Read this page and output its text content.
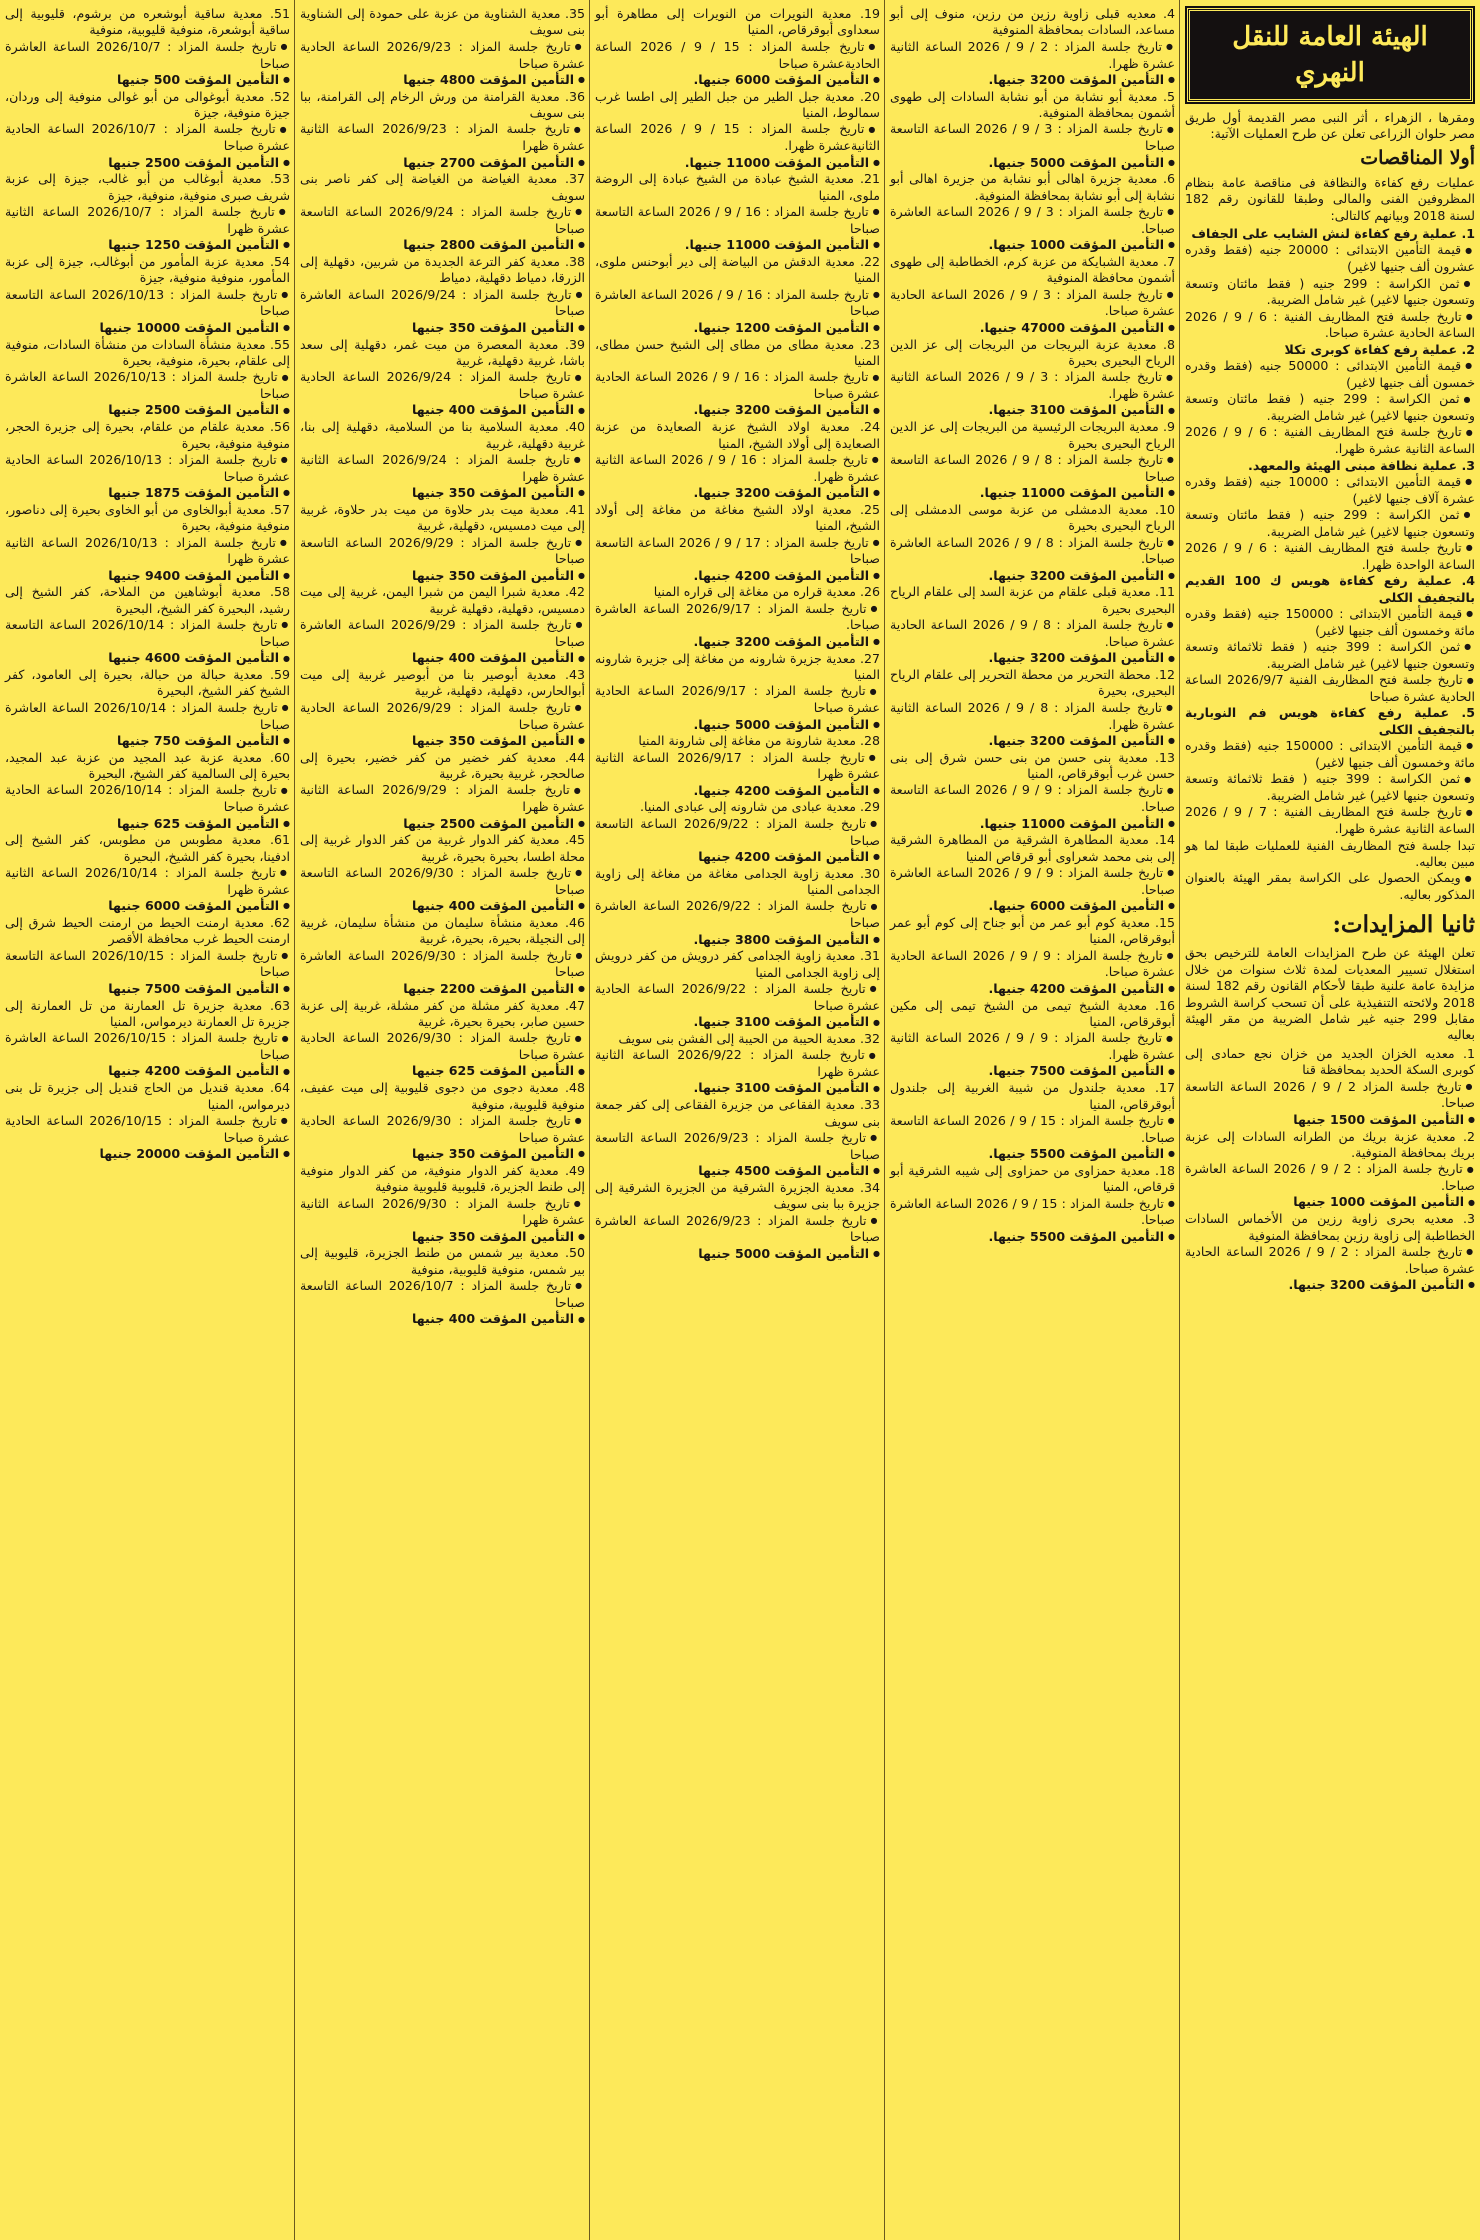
الهيئة العامة للنقل النهري
ومقرها ، الزهراء ، أثر النبى مصر القديمة أول طريق مصر حلوان الزراعى تعلن عن طرح العمليات الآتية:
أولا المناقصات
عمليات رفع كفاءة والنظافة فى مناقصة عامة بنظام المظروفين الفنى والمالى وطبقا للقانون رقم 182 لسنة 2018 وبيانهم كالتالى:

1. عملية رفع كفاءة لنش الشايب على الجفاف

● قيمة التأمين الابتدائى : 20000 جنيه (فقط وقدره عشرون ألف جنيها لاغير)

● ثمن الكراسة : 299 جنيه ( فقط مائتان وتسعة وتسعون جنيها لاغير) غير شامل الضريبة.

● تاريخ جلسة فتح المظاريف الفنية : 6 / 9 / 2026 الساعة الحادية عشرة صباحا.

2. عملية رفع كفاءة كوبرى تكلا

● قيمة التأمين الابتدائى : 50000 جنيه (فقط وقدره خمسون ألف جنيها لاغير)

● ثمن الكراسة : 299 جنيه ( فقط مائتان وتسعة وتسعون جنيها لاغير) غير شامل الضريبة.

● تاريخ جلسة فتح المظاريف الفنية : 6 / 9 / 2026 الساعة الثانية عشرة ظهرا.

3. عملية نظافة مبنى الهيئة والمعهد.

● قيمة التأمين الابتدائى : 10000 جنيه (فقط وقدره عشرة آلاف جنيها لاغير)

● ثمن الكراسة : 299 جنيه ( فقط مائتان وتسعة وتسعون جنيها لاغير) غير شامل الضريبة.

● تاريخ جلسة فتح المظاريف الفنية : 6 / 9 / 2026 الساعة الواحدة ظهرا.

4. عملية رفع كفاءة هويس ك 100 القديم بالتجفيف الكلى

● قيمة التأمين الابتدائى : 150000 جنيه (فقط وقدره مائة وخمسون ألف جنيها لاغير)

● ثمن الكراسة : 399 جنيه ( فقط ثلاثمائة وتسعة وتسعون جنيها لاغير) غير شامل الضريبة.

● تاريخ جلسة فتح المظاريف الفنية 2026/9/7 الساعة الحادية عشرة صباحا

5. عملية رفع كفاءة هويس فم النوبارية بالتجفيف الكلى

● قيمة التأمين الابتدائى : 150000 جنيه (فقط وقدره مائة وخمسون ألف جنيها لاغير)

● ثمن الكراسة : 399 جنيه ( فقط ثلاثمائة وتسعة وتسعون جنيها لاغير) غير شامل الضريبة.

● تاريخ جلسة فتح المظاريف الفنية : 7 / 9 / 2026 الساعة الثانية عشرة ظهرا.

تبدا جلسة فتح المظاريف الفنية للعمليات طبقا لما هو مبين بعاليه.

● ويمكن الحصول على الكراسة بمقر الهيئة بالعنوان المذكور بعاليه.

ثانيا المزايدات:
تعلن الهيئة عن طرح المزايدات العامة للترخيص بحق استغلال تسيير المعديات لمدة ثلاث سنوات من خلال مزايدة عامة علنية طبقا لأحكام القانون رقم 182 لسنة 2018 ولائحته التنفيذية على أن تسحب كراسة الشروط مقابل 299 جنيه غير شامل الضريبة من مقر الهيئة بعاليه

1. معديه الخزان الجديد من خزان نجع حمادى إلى كوبرى السكة الحديد بمحافظة قنا

● تاريخ جلسة المزاد 2 / 9 / 2026 الساعة التاسعة صباحا.

● التأمين المؤقت 1500 جنيها

2. معدية عزبة بريك من الطرانه السادات إلى عزبة بريك بمحافظة المنوفية.

● تاريخ جلسة المزاد : 2 / 9 / 2026 الساعة العاشرة صباحا.

● التأمين المؤقت 1000 جنيها

3. معديه بحرى زاوية رزين من الأخماس السادات الخطاطبة إلى زاوية رزين بمحافظة المنوفية

● تاريخ جلسة المزاد : 2 / 9 / 2026 الساعة الحادية عشرة صباحا.

● التأمين المؤقت 3200 جنيها.

4. معديه قبلى زاوية رزين من رزين، منوف إلى أبو مساعد، السادات بمحافظة المنوفية

● تاريخ جلسة المزاد : 2 / 9 / 2026 الساعة الثانية عشرة ظهرا.

● التأمين المؤقت 3200 جنيها.

5. معدية أبو نشابة من أبو نشابة السادات إلى طهوى أشمون بمحافظة المنوفية.

● تاريخ جلسة المزاد : 3 / 9 / 2026 الساعة التاسعة صباحا

● التأمين المؤقت 5000 جنيها.

6. معدية جزيرة اهالى أبو نشابة من جزيرة اهالى أبو نشابة إلى أبو نشابة بمحافظة المنوفية.

● تاريخ جلسة المزاد : 3 / 9 / 2026 الساعة العاشرة صباحا.

● التأمين المؤقت 1000 جنيها.

7. معدية الشبايكة من عزبة كرم، الخطاطبة إلى طهوى أشمون محافظة المنوفية

● تاريخ جلسة المزاد : 3 / 9 / 2026 الساعة الحادية عشرة صباحا.

● التأمين المؤقت 47000 جنيها.

8. معدية عزبة البريجات من البريجات إلى عز الدين الرياح البحيرى بحيرة

● تاريخ جلسة المزاد : 3 / 9 / 2026 الساعة الثانية عشرة ظهرا.

● التأمين المؤقت 3100 جنيها.

9. معدية البريجات الرئيسية من البريجات إلى عز الدين الرياح البحيرى بحيرة

● تاريخ جلسة المزاد : 8 / 9 / 2026 الساعة التاسعة صباحا

● التأمين المؤقت 11000 جنيها.

10. معدية الدمشلى من عزبة موسى الدمشلى إلى الرياح البحيرى بحيرة

● تاريخ جلسة المزاد : 8 / 9 / 2026 الساعة العاشرة صباحا.

● التأمين المؤقت 3200 جنيها.

11. معدية قبلى علقام من عزبة السد إلى علقام الرياح البحيرى بحيرة

● تاريخ جلسة المزاد : 8 / 9 / 2026 الساعة الحادية عشرة صباحا.

● التأمين المؤقت 3200 جنيها.

12. محطة التحرير من محطة التحرير إلى علقام الرياح البحيرى، بحيرة

● تاريخ جلسة المزاد : 8 / 9 / 2026 الساعة الثانية عشرة ظهرا.

● التأمين المؤقت 3200 جنيها.

13. معدية بنى حسن من بنى حسن شرق إلى بنى حسن غرب أبوقرقاص، المنيا

● تاريخ جلسة المزاد : 9 / 9 / 2026 الساعة التاسعة صباحا.

● التأمين المؤقت 11000 جنيها.

14. معدية المطاهرة الشرقية من المطاهرة الشرقية إلى بنى محمد شعراوى أبو قرقاص المنيا

● تاريخ جلسة المزاد : 9 / 9 / 2026 الساعة العاشرة صباحا.

● التأمين المؤقت 6000 جنيها.

15. معدية كوم أبو عمر من أبو جناح إلى كوم أبو عمر أبوقرقاص، المنيا

● تاريخ جلسة المزاد : 9 / 9 / 2026 الساعة الحادية عشرة صباحا.

● التأمين المؤقت 4200 جنيها.

16. معدية الشيخ تيمى من الشيخ تيمى إلى مكين أبوقرقاص، المنيا

● تاريخ جلسة المزاد : 9 / 9 / 2026 الساعة الثانية عشرة ظهرا.

● التأمين المؤقت 7500 جنيها.

17. معدية جلندول من شيبة الغربية إلى جلندول أبوقرقاص، المنيا

● تاريخ جلسة المزاد : 15 / 9 / 2026 الساعة التاسعة صباحا.

● التأمين المؤقت 5500 جنيها.

18. معدية حمزاوى من حمزاوى إلى شيبه الشرقية أبو قرقاص، المنيا

● تاريخ جلسة المزاد : 15 / 9 / 2026 الساعة العاشرة صباحا.

● التأمين المؤقت 5500 جنيها.

19. معدية النويرات من النويرات إلى مطاهرة أبو سعداوى أبوقرقاص، المنيا

● تاريخ جلسة المزاد : 15 / 9 / 2026 الساعة الحاديةعشرة صباحا

● التأمين المؤقت 6000 جنيها.

20. معدية جبل الطير من جبل الطير إلى اطسا غرب سمالوط، المنيا

● تاريخ جلسة المزاد : 15 / 9 / 2026 الساعة الثانيةعشرة ظهرا.

● التأمين المؤقت 11000 جنيها.

21. معدية الشيخ عبادة من الشيخ عبادة إلى الروضة ملوى، المنيا

● تاريخ جلسة المزاد : 16 / 9 / 2026 الساعة التاسعة صباحا

● التأمين المؤقت 11000 جنيها.

22. معدية الدقش من البياضة إلى دير أبوحنس ملوى، المنيا

● تاريخ جلسة المزاد : 16 / 9 / 2026 الساعة العاشرة صباحا

● التأمين المؤقت 1200 جنيها.

23. معدية مطاى من مطاى إلى الشيخ حسن مطاى، المنيا

● تاريخ جلسة المزاد : 16 / 9 / 2026 الساعة الحادية عشرة صباحا

● التأمين المؤقت 3200 جنيها.

24. معدية اولاد الشيخ عزبة الصعايدة من عزبة الصعايدة إلى أولاد الشيخ، المنيا

● تاريخ جلسة المزاد : 16 / 9 / 2026 الساعة الثانية عشرة ظهرا.

● التأمين المؤقت 3200 جنيها.

25. معدية اولاد الشيخ مغاغة من مغاغة إلى أولاد الشيخ، المنيا

● تاريخ جلسة المزاد : 17 / 9 / 2026 الساعة التاسعة صباحا

● التأمين المؤقت 4200 جنيها.

26. معدية قراره من مغاغة إلى قراره المنيا

● تاريخ جلسة المزاد : 2026/9/17 الساعة العاشرة صباحا.

● التأمين المؤقت 3200 جنيها.

27. معدية جزيرة شارونه من مغاغة إلى جزيرة شارونه المنيا

● تاريخ جلسة المزاد : 2026/9/17 الساعة الحادية عشرة صباحا

● التأمين المؤقت 5000 جنيها.

28. معدية شارونة من مغاغة إلى شارونة المنيا

● تاريخ جلسة المزاد : 2026/9/17 الساعة الثانية عشرة ظهرا

● التأمين المؤقت 4200 جنيها.

29. معدية عبادى من شارونه إلى عبادى المنيا.

● تاريخ جلسة المزاد : 2026/9/22 الساعة التاسعة صباحا

● التأمين المؤقت 4200 جنيها

30. معدية زاوية الجدامى مغاغة من مغاغة إلى زاوية الجدامى المنيا

● تاريخ جلسة المزاد : 2026/9/22 الساعة العاشرة صباحا

● التأمين المؤقت 3800 جنيها.

31. معدية زاوية الجدامى كفر درويش من كفر درويش إلى زاوية الجدامى المنيا

● تاريخ جلسة المزاد : 2026/9/22 الساعة الحادية عشرة صباحا

● التأمين المؤقت 3100 جنيها.

32. معدية الحيبة من الحيبة إلى الفشن بنى سويف

● تاريخ جلسة المزاد : 2026/9/22 الساعة الثانية عشرة ظهرا

● التأمين المؤقت 3100 جنيها.

33. معدية الفقاعى من جزيرة الفقاعى إلى كفر جمعة بنى سويف

● تاريخ جلسة المزاد : 2026/9/23 الساعة التاسعة صباحا

● التأمين المؤقت 4500 جنيها

34. معدية الجزيرة الشرقية من الجزيرة الشرقية إلى جزيرة ببا بنى سويف

● تاريخ جلسة المزاد : 2026/9/23 الساعة العاشرة صباحا

● التأمين المؤقت 5000 جنيها

35. معدية الشناوية من عزبة على حمودة إلى الشناوية بنى سويف

● تاريخ جلسة المزاد : 2026/9/23 الساعة الحادية عشرة صباحا

● التأمين المؤقت 4800 جنيها

36. معدية القرامنة من ورش الرخام إلى القرامنة، ببا بنى سويف

● تاريخ جلسة المزاد : 2026/9/23 الساعة الثانية عشرة ظهرا

● التأمين المؤقت 2700 جنيها

37. معدية الغياضة من الغياضة إلى كفر ناصر بنى سويف

● تاريخ جلسة المزاد : 2026/9/24 الساعة التاسعة صباحا

● التأمين المؤقت 2800 جنيها

38. معدية كفر الترعة الجديدة من شربين، دقهلية إلى الزرقا، دمياط دقهلية، دمياط

● تاريخ جلسة المزاد : 2026/9/24 الساعة العاشرة صباحا

● التأمين المؤقت 350 جنيها

39. معدية المعصرة من ميت غمر، دقهلية إلى سعد باشا، غربية دقهلية، غربية

● تاريخ جلسة المزاد : 2026/9/24 الساعة الحادية عشرة صباحا

● التأمين المؤقت 400 جنيها

40. معدية السلامية بنا من السلامية، دقهلية إلى بنا، غربية دقهلية، غربية

● تاريخ جلسة المزاد : 2026/9/24 الساعة الثانية عشرة ظهرا

● التأمين المؤقت 350 جنيها

41. معدية ميت بدر حلاوة من ميت بدر حلاوة، غربية إلى ميت دمسيس، دقهلية، غربية

● تاريخ جلسة المزاد : 2026/9/29 الساعة التاسعة صباحا

● التأمين المؤقت 350 جنيها

42. معدية شبرا اليمن من شبرا اليمن، غربية إلى ميت دمسيس، دقهلية، دقهلية غربية

● تاريخ جلسة المزاد : 2026/9/29 الساعة العاشرة صباحا

● التأمين المؤقت 400 جنيها

43. معدية أبوصير بنا من أبوصير غربية إلى ميت أبوالحارس، دقهلية، دقهلية، غربية

● تاريخ جلسة المزاد : 2026/9/29 الساعة الحادية عشرة صباحا

● التأمين المؤقت 350 جنيها

44. معدية كفر خضير من كفر خضير، بحيرة إلى صالحجر، غربية بحيرة، غربية

● تاريخ جلسة المزاد : 2026/9/29 الساعة الثانية عشرة ظهرا

● التأمين المؤقت 2500 جنيها

45. معدية كفر الدوار غربية من كفر الدوار غربية إلى محلة اطسا، بحيرة بحيرة، غربية

● تاريخ جلسة المزاد : 2026/9/30 الساعة التاسعة صباحا

● التأمين المؤقت 400 جنيها

46. معدية منشأة سليمان من منشأة سليمان، غربية إلى النجيلة، بحيرة، بحيرة، غربية

● تاريخ جلسة المزاد : 2026/9/30 الساعة العاشرة صباحا

● التأمين المؤقت 2200 جنيها

47. معدية كفر مشلة من كفر مشلة، غربية إلى عزبة حسين صابر، بحيرة بحيرة، غربية

● تاريخ جلسة المزاد : 2026/9/30 الساعة الحادية عشرة صباحا

● التأمين المؤقت 625 جنيها

48. معدية دجوى من دجوى قليوبية إلى ميت عفيف، منوفية قليوبية، منوفية

● تاريخ جلسة المزاد : 2026/9/30 الساعة الحادية عشرة صباحا

● التأمين المؤقت 350 جنيها

49. معدية كفر الدوار منوفية، من كفر الدوار منوفية إلى طنط الجزيرة، قليوبية قليوبية منوفية

● تاريخ جلسة المزاد : 2026/9/30 الساعة الثانية عشرة ظهرا

● التأمين المؤقت 350 جنيها

50. معدية بير شمس من طنط الجزيرة، قليوبية إلى بير شمس، منوفية قليوبية، منوفية

● تاريخ جلسة المزاد : 2026/10/7 الساعة التاسعة صباحا

● التأمين المؤقت 400 جنيها

51. معدية ساقية أبوشعره من برشوم، قليوبية إلى ساقية أبوشعرة، منوفية قليوبية، منوفية

● تاريخ جلسة المزاد : 2026/10/7 الساعة العاشرة صباحا

● التأمين المؤقت 500 جنيها

52. معدية أبوغوالى من أبو غوالى منوفية إلى وردان، جيزة منوفية، جيزة

● تاريخ جلسة المزاد : 2026/10/7 الساعة الحادية عشرة صباحا

● التأمين المؤقت 2500 جنيها

53. معدية أبوغالب من أبو غالب، جيزة إلى عزبة شريف صبرى منوفية، منوفية، جيزة

● تاريخ جلسة المزاد : 2026/10/7 الساعة الثانية عشرة ظهرا

● التأمين المؤقت 1250 جنيها

54. معدية عزبة المأمور من أبوغالب، جيزة إلى عزبة المأمور، منوفية منوفية، جيزة

● تاريخ جلسة المزاد : 2026/10/13 الساعة التاسعة صباحا

● التأمين المؤقت 10000 جنيها

55. معدية منشأة السادات من منشأة السادات، منوفية إلى علقام، بحيرة، منوفية، بحيرة

● تاريخ جلسة المزاد : 2026/10/13 الساعة العاشرة صباحا

● التأمين المؤقت 2500 جنيها

56. معدية علقام من علقام، بحيرة إلى جزيرة الحجر، منوفية منوفية، بحيرة

● تاريخ جلسة المزاد : 2026/10/13 الساعة الحادية عشرة صباحا

● التأمين المؤقت 1875 جنيها

57. معدية أبوالخاوى من أبو الخاوى بحيرة إلى دناصور، منوفية منوفية، بحيرة

● تاريخ جلسة المزاد : 2026/10/13 الساعة الثانية عشرة ظهرا

● التأمين المؤقت 9400 جنيها

58. معدية أبوشاهين من الملاحة، كفر الشيخ إلى رشيد، البحيرة كفر الشيخ، البحيرة

● تاريخ جلسة المزاد : 2026/10/14 الساعة التاسعة صباحا

● التأمين المؤقت 4600 جنيها

59. معدية حبالة من حبالة، بحيرة إلى العامود، كفر الشيخ كفر الشيخ، البحيرة

● تاريخ جلسة المزاد : 2026/10/14 الساعة العاشرة صباحا

● التأمين المؤقت 750 جنيها

60. معدية عزبة عبد المجيد من عزبة عبد المجيد، بحيرة إلى السالمية كفر الشيخ، البحيرة

● تاريخ جلسة المزاد : 2026/10/14 الساعة الحادية عشرة صباحا

● التأمين المؤقت 625 جنيها

61. معدية مطوبس من مطوبس، كفر الشيخ إلى ادفينا، بحيرة كفر الشيخ، البحيرة

● تاريخ جلسة المزاد : 2026/10/14 الساعة الثانية عشرة ظهرا

● التأمين المؤقت 6000 جنيها

62. معدية ارمنت الحيط من ارمنت الحيط شرق إلى ارمنت الحيط غرب محافظة الأقصر

● تاريخ جلسة المزاد : 2026/10/15 الساعة التاسعة صباحا

● التأمين المؤقت 7500 جنيها

63. معدية جزيرة تل العمارنة من تل العمارنة إلى جزيرة تل العمارنة ديرمواس، المنيا

● تاريخ جلسة المزاد : 2026/10/15 الساعة العاشرة صباحا

● التأمين المؤقت 4200 جنيها

64. معدية قنديل من الحاج قنديل إلى جزيرة تل بنى ديرمواس، المنيا

● تاريخ جلسة المزاد : 2026/10/15 الساعة الحادية عشرة صباحا

● التأمين المؤقت 20000 جنيها
